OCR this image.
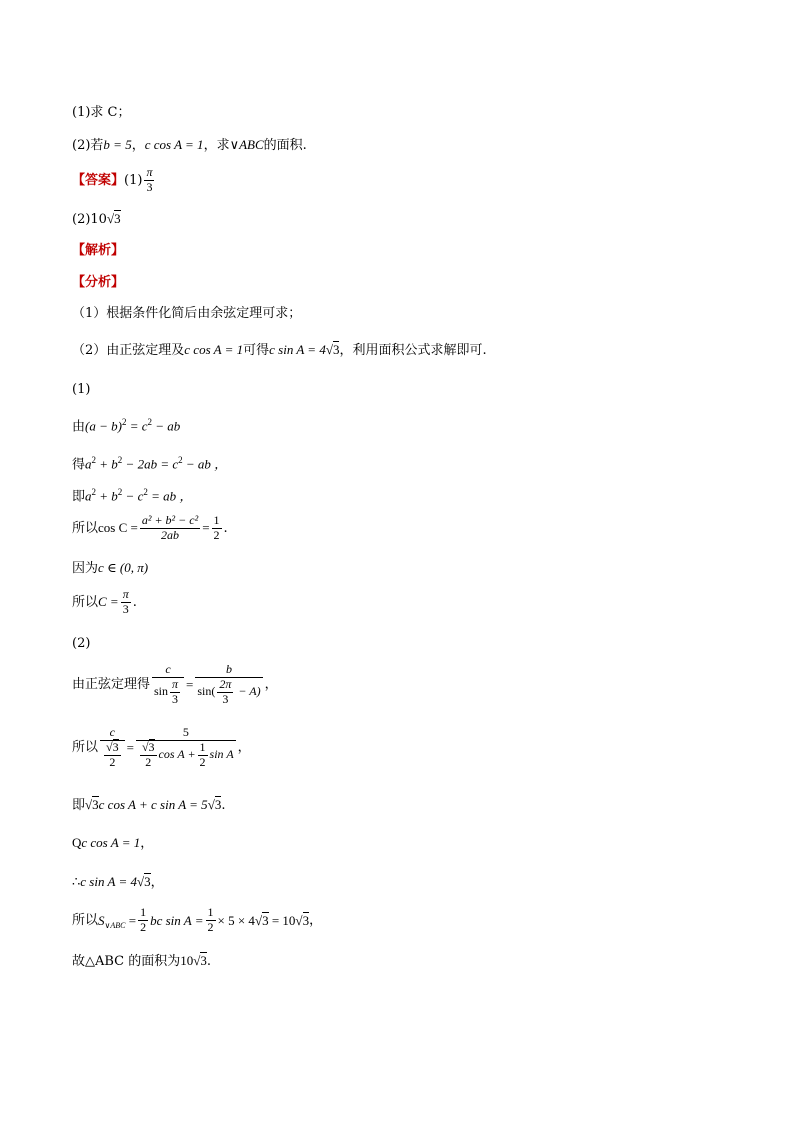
(1)求 C；
(2)若b = 5，c cos A = 1，求∨ABC的面积.
【答案】$(1) \frac{\pi}{3}$
(2)10√3
【解析】
【分析】
（1）根据条件化简后由余弦定理可求；
（2）由正弦定理及c cos A = 1可得c sin A = 4√3，利用面积公式求解即可.
(1)
由$(a - b)^2 = c^2$ − ab
得$a^2 + b^2 - 2ab = c^2$ − ab ，
即$a^2 + b^2 - c^2$ = ab ，
所以$\cos C = \frac{\text{a² + b² − c²}}{2ab} = \frac{1}{2}$ .
因为c ∈ (0, π)
所以$C = \frac{\pi}{3}$ .
(2)
由正弦定理得 $\frac{c}{\sin \frac{\pi}{3}} = \frac{b}{\sin( \frac{2\pi}{3} - A)}$ ，
所以 $\frac{c}{\frac{√3}{2}} = \frac{5}{\frac{√3}{2} \cos A + \frac{1}{2} \sin A}$ ，
即√3c cos A + c sin A = 5√3.
Qc cos A = 1，
∴c sin A = 4√3，
所以$S_{\vee ABC} = \frac{1}{2}$ bc $\sin A = \frac{1}{2} \times 5 \times 4√3 = 10√3$，
故△ABC 的面积为10√3.
